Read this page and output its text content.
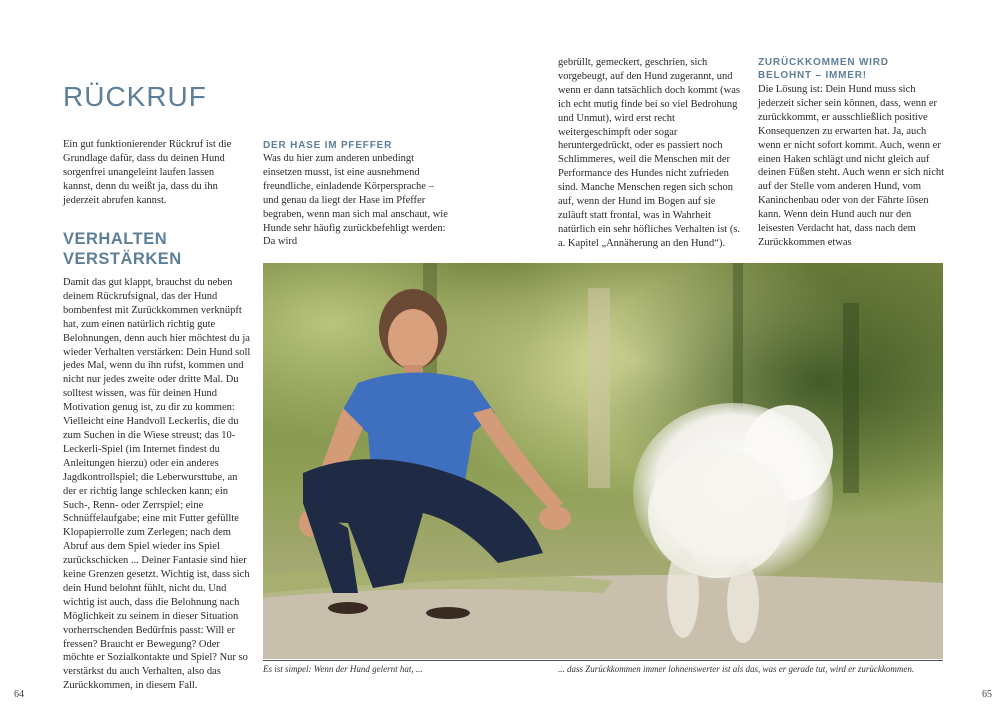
RÜCKRUF
Ein gut funktionierender Rückruf ist die Grundlage dafür, dass du deinen Hund sorgenfrei unangeleint laufen lassen kannst, denn du weißt ja, dass du ihn jederzeit abrufen kannst.
VERHALTEN VERSTÄRKEN
Damit das gut klappt, brauchst du neben deinem Rückrufsignal, das der Hund bombenfest mit Zurückkommen verknüpft hat, zum einen natürlich richtig gute Belohnungen, denn auch hier möchtest du ja wieder Verhalten verstärken: Dein Hund soll jedes Mal, wenn du ihn rufst, kommen und nicht nur jedes zweite oder dritte Mal. Du solltest wissen, was für deinen Hund Motivation genug ist, zu dir zu kommen: Vielleicht eine Handvoll Leckerlis, die du zum Suchen in die Wiese streust; das 10-Leckerli-Spiel (im Internet findest du Anleitungen hierzu) oder ein anderes Jagdkontrollspiel; die Leberwursttube, an der er richtig lange schlecken kann; ein Such-, Renn- oder Zerrspiel; eine Schnüffelaufgabe; eine mit Futter gefüllte Klopapierrolle zum Zerlegen; nach dem Abruf aus dem Spiel wieder ins Spiel zurückschicken ... Deiner Fantasie sind hier keine Grenzen gesetzt. Wichtig ist, dass sich dein Hund belohnt fühlt, nicht du. Und wichtig ist auch, dass die Belohnung nach Möglichkeit zu seinem in dieser Situation vorherrschenden Bedürfnis passt: Will er fressen? Braucht er Bewegung? Oder möchte er Sozialkontakte und Spiel? Nur so verstärkst du auch Verhalten, also das Zurückkommen, in diesem Fall.
DER HASE IM PFEFFER
Was du hier zum anderen unbedingt einsetzen musst, ist eine ausnehmend freundliche, einladende Körpersprache – und genau da liegt der Hase im Pfeffer begraben, wenn man sich mal anschaut, wie Hunde sehr häufig zurückbefehligt werden: Da wird
gebrüllt, gemeckert, geschrien, sich vorgebeugt, auf den Hund zugerannt, und wenn er dann tatsächlich doch kommt (was ich echt mutig finde bei so viel Bedrohung und Unmut), wird erst recht weitergeschimpft oder sogar heruntergedrückt, oder es passiert noch Schlimmeres, weil die Menschen mit der Performance des Hundes nicht zufrieden sind. Manche Menschen regen sich schon auf, wenn der Hund im Bogen auf sie zuläuft statt frontal, was in Wahrheit natürlich ein sehr höfliches Verhalten ist (s. a. Kapitel „Annäherung an den Hund“).
ZURÜCKKOMMEN WIRD BELOHNT – IMMER!
Die Lösung ist: Dein Hund muss sich jederzeit sicher sein können, dass, wenn er zurückkommt, er ausschließlich positive Konsequenzen zu erwarten hat. Ja, auch wenn er nicht sofort kommt. Auch, wenn er einen Haken schlägt und nicht gleich auf deinen Füßen steht. Auch wenn er sich nicht auf der Stelle vom anderen Hund, vom Kaninchenbau oder von der Fährte lösen kann. Wenn dein Hund auch nur den leisesten Verdacht hat, dass nach dem Zurückkommen etwas
Es ist simpel: Wenn der Hund gelernt hat, ...	... dass Zurückkommen immer lohnenswerter ist als das, was er gerade tut, wird er zurückkommen.
64	65
